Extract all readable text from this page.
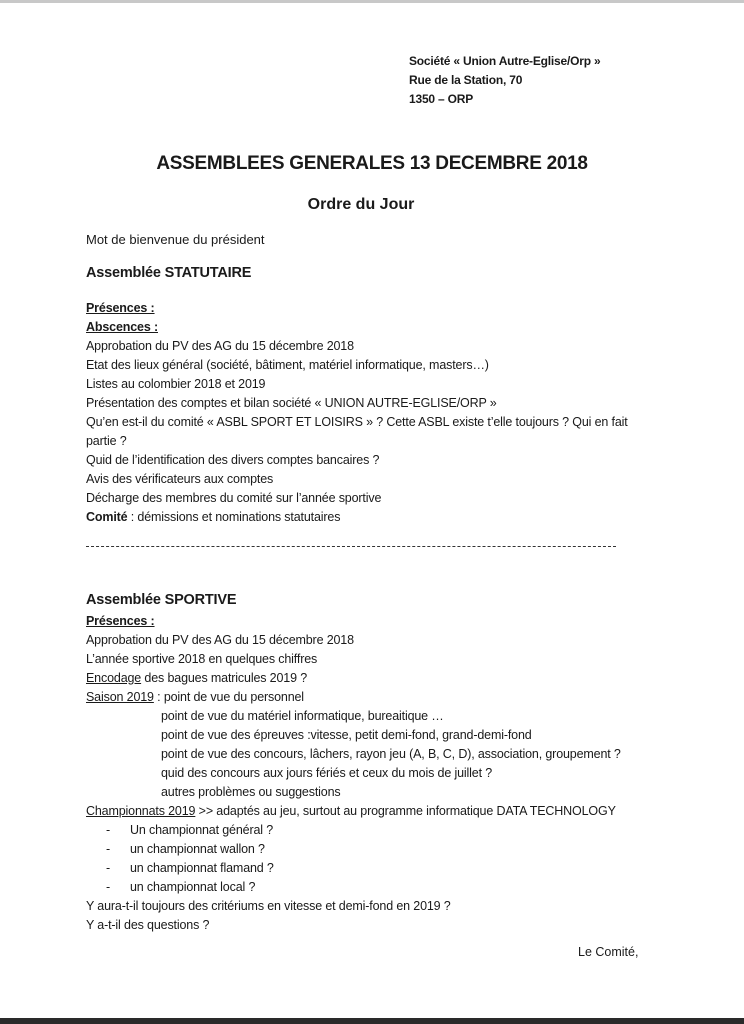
Société « Union Autre-Eglise/Orp »
Rue de la Station, 70
1350 – ORP
ASSEMBLEES GENERALES 13 DECEMBRE 2018
Ordre du Jour
Mot de bienvenue du président
Assemblée STATUTAIRE
Présences :
Abscences :
Approbation du PV des AG du 15 décembre 2018
Etat des lieux général (société, bâtiment, matériel informatique, masters…)
Listes au colombier 2018 et 2019
Présentation des comptes et bilan société « UNION AUTRE-EGLISE/ORP »
Qu’en est-il du comité « ASBL SPORT ET LOISIRS » ? Cette ASBL existe t’elle toujours ? Qui en fait
partie ?
Quid de l’identification des divers comptes bancaires ?
Avis des vérificateurs aux comptes
Décharge des membres du comité sur l’année sportive
Comité : démissions et nominations statutaires
Assemblée SPORTIVE
Présences :
Approbation du PV des AG du 15 décembre 2018
L’année sportive 2018 en quelques chiffres
Encodage des bagues matricules 2019 ?
Saison 2019 : point de vue du personnel
point de vue du matériel informatique, bureaitique …
point de vue des épreuves :vitesse, petit demi-fond, grand-demi-fond
point de vue des concours, lâchers, rayon jeu (A, B, C, D), association, groupement ?
quid des concours aux jours fériés et ceux du mois de juillet ?
autres problèmes ou suggestions
Championnats 2019 >> adaptés au jeu, surtout au programme informatique DATA TECHNOLOGY
- Un championnat général ?
- un championnat wallon ?
- un championnat flamand ?
- un championnat local ?
Y aura-t-il toujours des critériums en vitesse et demi-fond en 2019 ?
Y a-t-il des questions ?
Le Comité,
